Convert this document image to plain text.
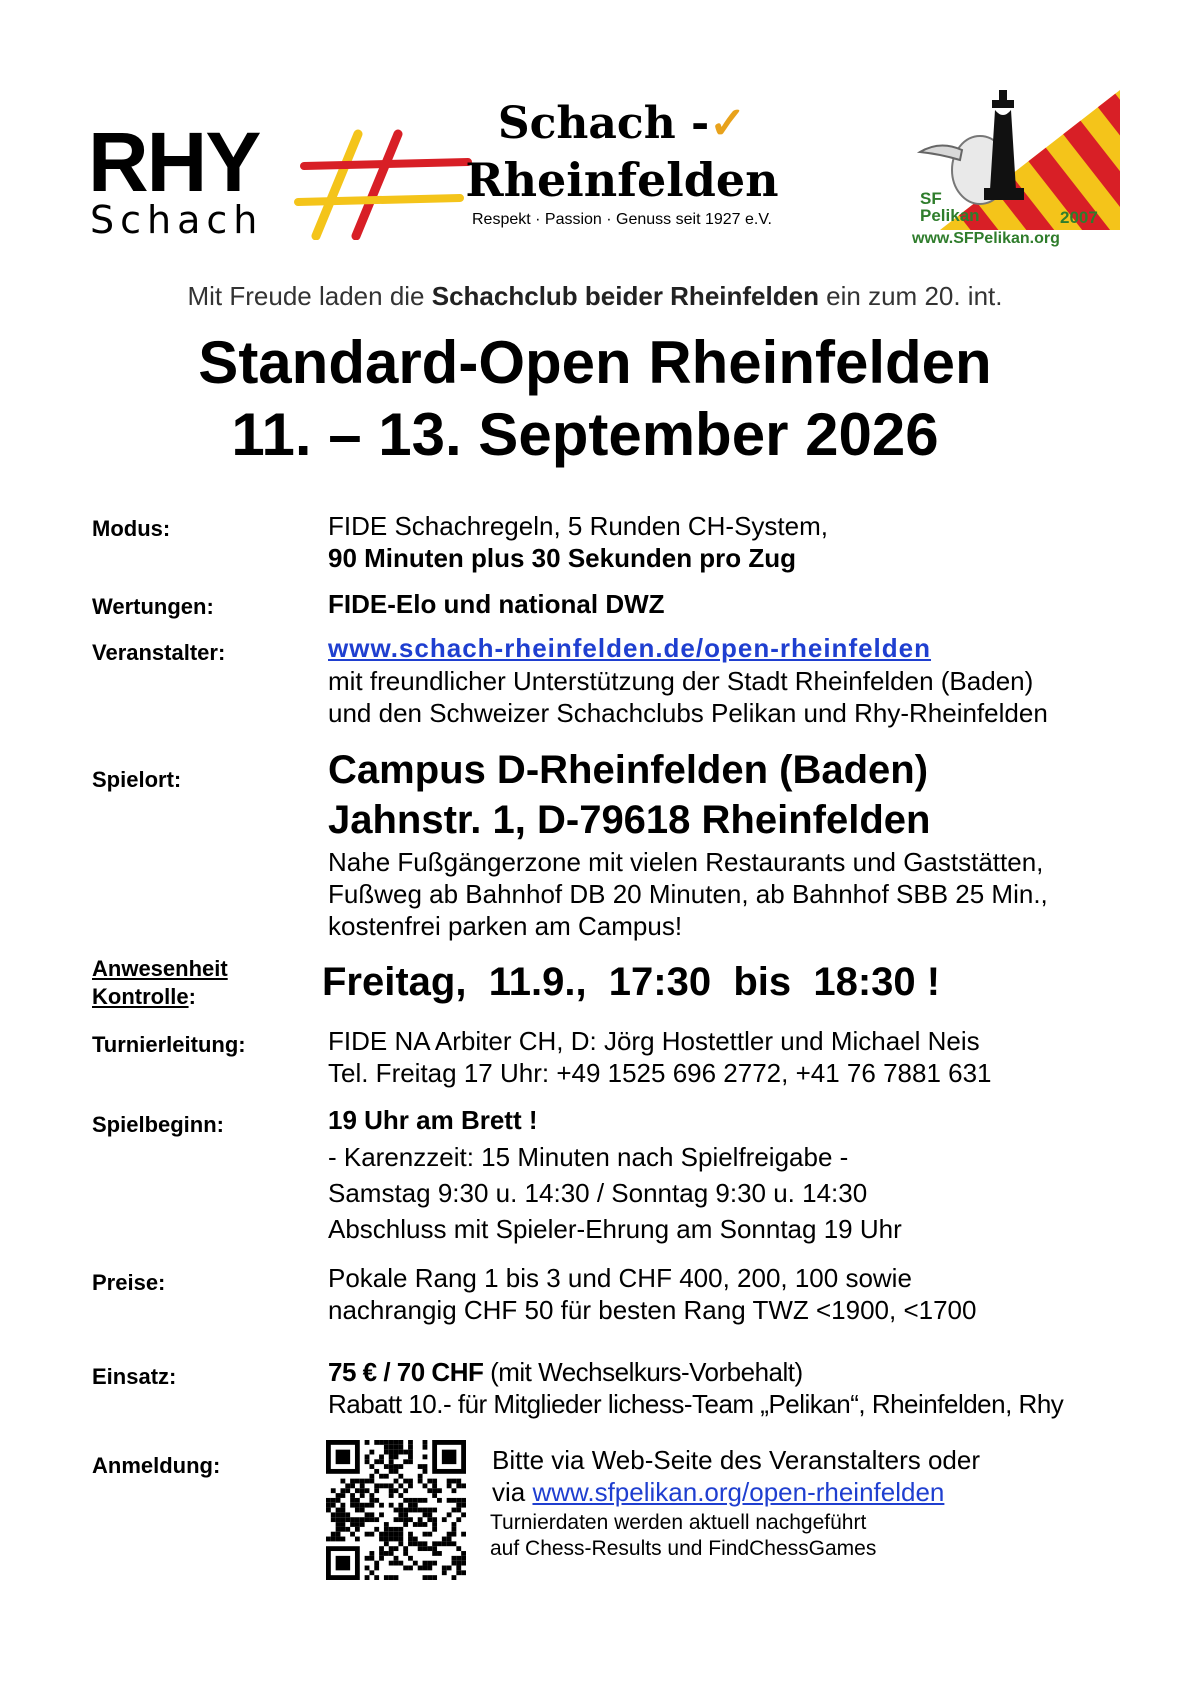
RHY
Schach
Schach -✓
Rheinfelden
Respekt · Passion · Genuss seit 1927 e.V.
SF
Pelikan	2007
www.SFPelikan.org
Mit Freude laden die Schachclub beider Rheinfelden ein zum 20. int.
Standard-Open Rheinfelden
11. – 13. September 2026
Modus:	FIDE Schachregeln, 5 Runden CH-System,
90 Minuten plus 30 Sekunden pro Zug
Wertungen:	FIDE-Elo und national DWZ
Veranstalter:	www.schach-rheinfelden.de/open-rheinfelden
mit freundlicher Unterstützung der Stadt Rheinfelden (Baden)
und den Schweizer Schachclubs Pelikan und Rhy-Rheinfelden
Spielort:	Campus D-Rheinfelden (Baden)
Jahnstr. 1, D-79618 Rheinfelden
Nahe Fußgängerzone mit vielen Restaurants und Gaststätten,
Fußweg ab Bahnhof DB 20 Minuten, ab Bahnhof SBB 25 Min.,
kostenfrei parken am Campus!
Anwesenheit
Kontrolle:	Freitag,  11.9.,  17:30  bis  18:30 !
Turnierleitung:	FIDE NA Arbiter CH, D: Jörg Hostettler und Michael Neis
Tel. Freitag 17 Uhr: +49 1525 696 2772, +41 76 7881 631
Spielbeginn:	19 Uhr am Brett !
- Karenzzeit: 15 Minuten nach Spielfreigabe -
Samstag 9:30 u. 14:30 / Sonntag 9:30 u. 14:30
Abschluss mit Spieler-Ehrung am Sonntag 19 Uhr
Preise:	Pokale Rang 1 bis 3 und CHF 400, 200, 100 sowie
nachrangig CHF 50 für besten Rang TWZ <1900, <1700
Einsatz:	75 € / 70 CHF (mit Wechselkurs-Vorbehalt)
Rabatt 10.- für Mitglieder lichess-Team „Pelikan“, Rheinfelden, Rhy
Anmeldung:	Bitte via Web-Seite des Veranstalters oder
via www.sfpelikan.org/open-rheinfelden
Turnierdaten werden aktuell nachgeführt
auf Chess-Results und FindChessGames
